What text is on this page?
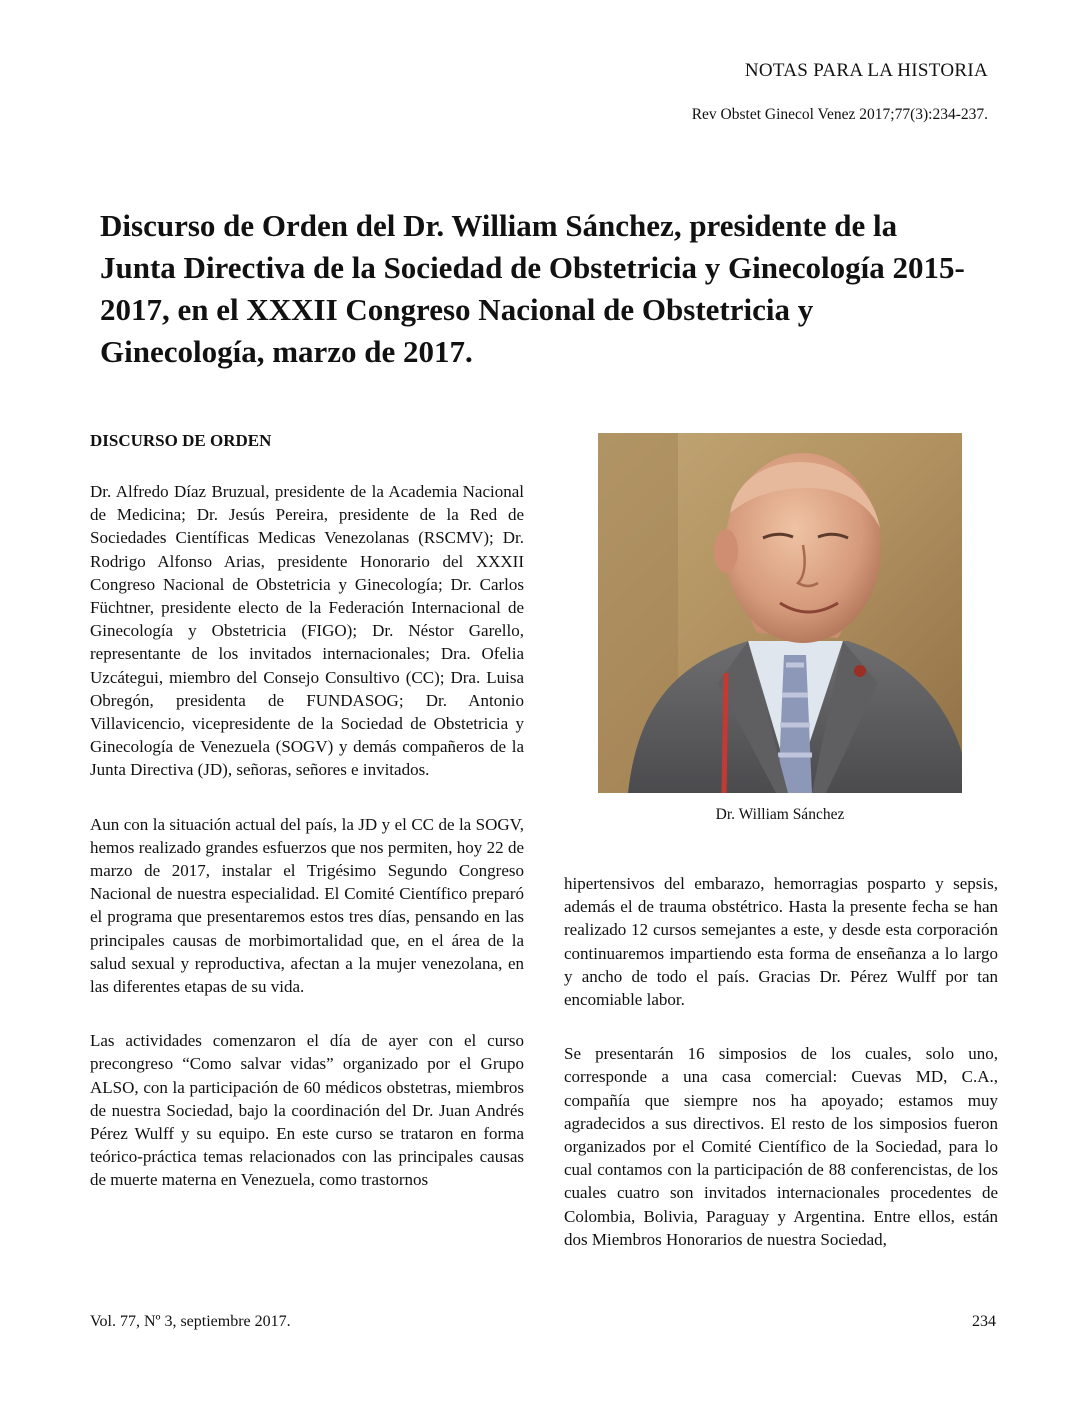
NOTAS PARA LA HISTORIA
Rev Obstet Ginecol Venez 2017;77(3):234-237.
Discurso de Orden del Dr. William Sánchez, presidente de la Junta Directiva de la Sociedad de Obstetricia y Ginecología 2015-2017, en el XXXII Congreso Nacional de Obstetricia y Ginecología, marzo de 2017.
DISCURSO DE ORDEN

Dr. Alfredo Díaz Bruzual, presidente de la Academia Nacional de Medicina; Dr. Jesús Pereira, presidente de la Red de Sociedades Científicas Medicas Venezolanas (RSCMV); Dr. Rodrigo Alfonso Arias, presidente Honorario del XXXII Congreso Nacional de Obstetricia y Ginecología; Dr. Carlos Füchtner, presidente electo de la Federación Internacional de Ginecología y Obstetricia (FIGO); Dr. Néstor Garello, representante de los invitados internacionales; Dra. Ofelia Uzcátegui, miembro del Consejo Consultivo (CC); Dra. Luisa Obregón, presidenta de FUNDASOG; Dr. Antonio Villavicencio, vicepresidente de la Sociedad de Obstetricia y Ginecología de Venezuela (SOGV) y demás compañeros de la Junta Directiva (JD), señoras, señores e invitados.

Aun con la situación actual del país, la JD y el CC de la SOGV, hemos realizado grandes esfuerzos que nos permiten, hoy 22 de marzo de 2017, instalar el Trigésimo Segundo Congreso Nacional de nuestra especialidad. El Comité Científico preparó el programa que presentaremos estos tres días, pensando en las principales causas de morbimortalidad que, en el área de la salud sexual y reproductiva, afectan a la mujer venezolana, en las diferentes etapas de su vida.

Las actividades comenzaron el día de ayer con el curso precongreso “Como salvar vidas” organizado por el Grupo ALSO, con la participación de 60 médicos obstetras, miembros de nuestra Sociedad, bajo la coordinación del Dr. Juan Andrés Pérez Wulff y su equipo. En este curso se trataron en forma teórico-práctica temas relacionados con las principales causas de muerte materna en Venezuela, como trastornos

Dr. William Sánchez

hipertensivos del embarazo, hemorragias posparto y sepsis, además el de trauma obstétrico. Hasta la presente fecha se han realizado 12 cursos semejantes a este, y desde esta corporación continuaremos impartiendo esta forma de enseñanza a lo largo y ancho de todo el país. Gracias Dr. Pérez Wulff por tan encomiable labor.

Se presentarán 16 simposios de los cuales, solo uno, corresponde a una casa comercial: Cuevas MD, C.A., compañía que siempre nos ha apoyado; estamos muy agradecidos a sus directivos. El resto de los simposios fueron organizados por el Comité Científico de la Sociedad, para lo cual contamos con la participación de 88 conferencistas, de los cuales cuatro son invitados internacionales procedentes de Colombia, Bolivia, Paraguay y Argentina. Entre ellos, están dos Miembros Honorarios de nuestra Sociedad,

Vol. 77, Nº 3, septiembre 2017.	234
